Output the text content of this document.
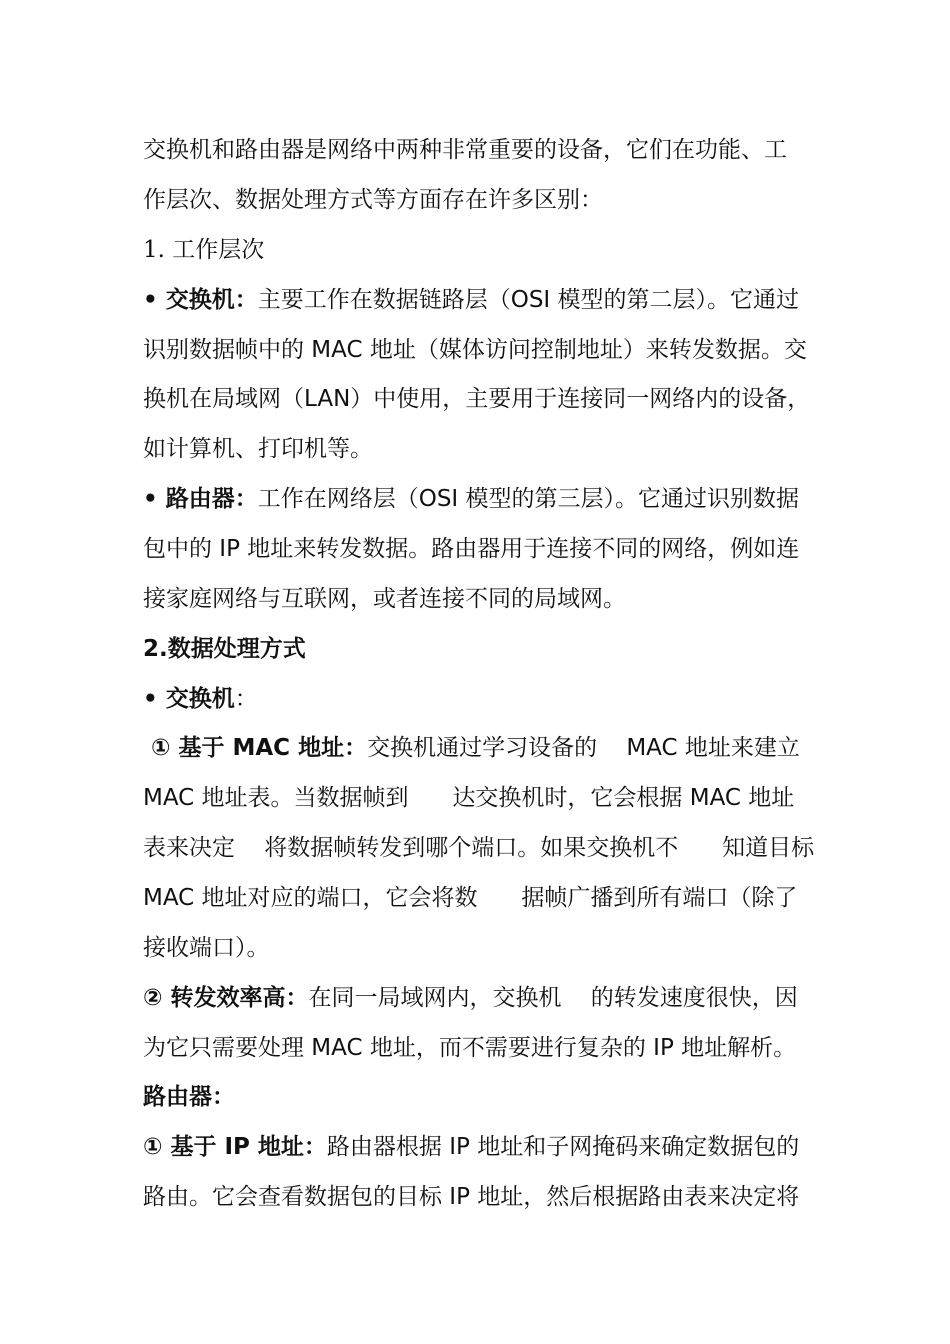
交换机和路由器是网络中两种非常重要的设备，它们在功能、工
作层次、数据处理方式等方面存在许多区别：
1. 工作层次
• 交换机：主要工作在数据链路层（OSI 模型的第二层）。它通过
识别数据帧中的 MAC 地址（媒体访问控制地址）来转发数据。交
换机在局域网（LAN）中使用，主要用于连接同一网络内的设备，
如计算机、打印机等。
• 路由器：工作在网络层（OSI 模型的第三层）。它通过识别数据
包中的 IP 地址来转发数据。路由器用于连接不同的网络，例如连
接家庭网络与互联网，或者连接不同的局域网。
2.数据处理方式
• 交换机：
① 基于 MAC 地址：交换机通过学习设备的    MAC 地址来建立
MAC 地址表。当数据帧到      达交换机时，它会根据 MAC 地址
表来决定    将数据帧转发到哪个端口。如果交换机不      知道目标
MAC 地址对应的端口，它会将数      据帧广播到所有端口（除了
接收端口）。
② 转发效率高：在同一局域网内，交换机    的转发速度很快，因
为它只需要处理 MAC 地址，而不需要进行复杂的 IP 地址解析。
路由器：
① 基于 IP 地址：路由器根据 IP 地址和子网掩码来确定数据包的
路由。它会查看数据包的目标 IP 地址，然后根据路由表来决定将
